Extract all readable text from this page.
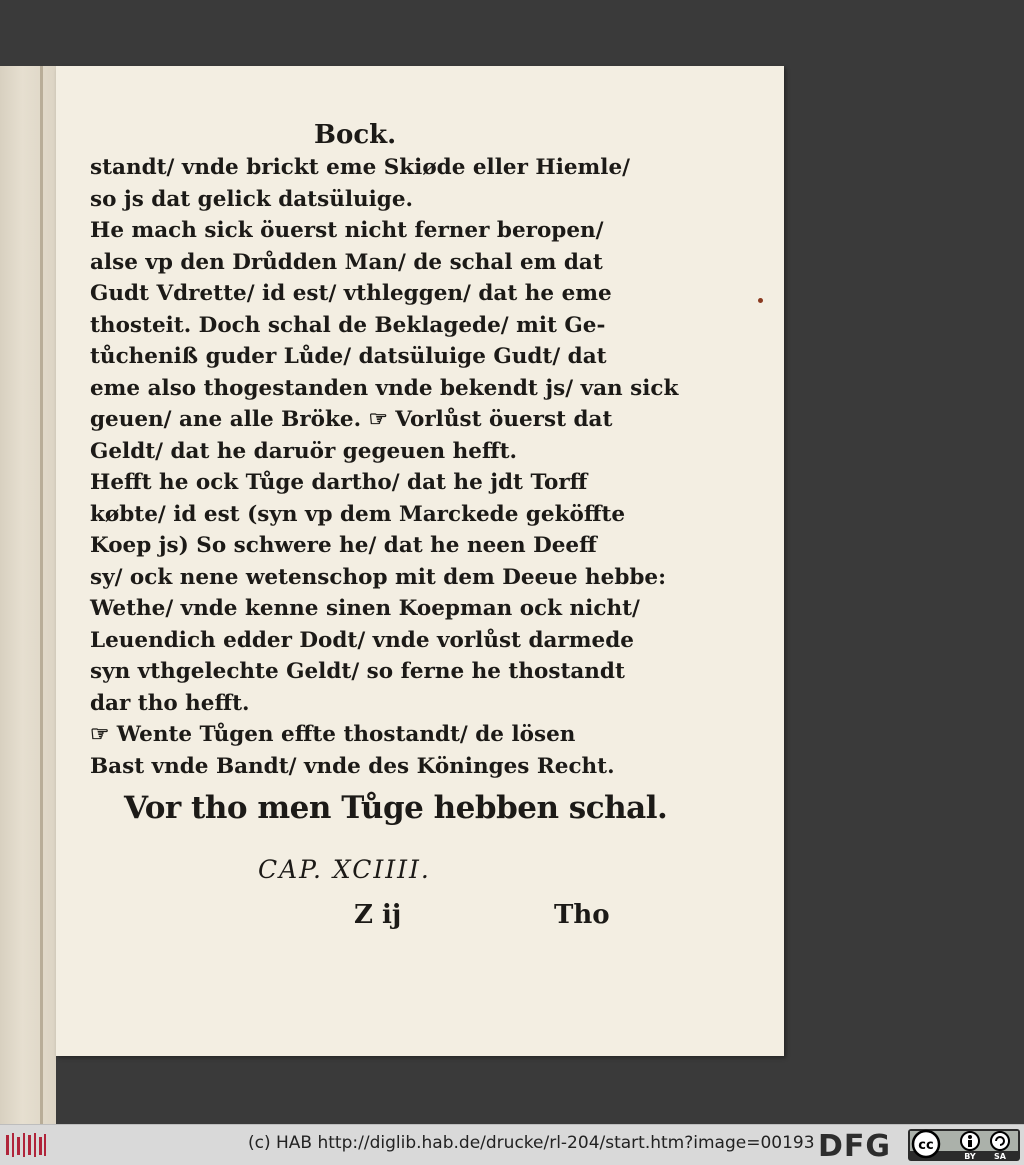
Bock.
standt/ vnde brickt eme Skiøde eller Hiemle/
so js dat gelick datsüluige.
He mach sick öuerst nicht ferner beropen/
alse vp den Drůdden Man/ de schal em dat
Gudt Vdrette/ id est/ vthleggen/ dat he eme
thosteit. Doch schal de Beklagede/ mit Ge-
tůcheniß guder Lůde/ datsüluige Gudt/ dat
eme also thogestanden vnde bekendt js/ van sick
geuen/ ane alle Bröke. ☞ Vorlůst öuerst dat
Geldt/ dat he daruör gegeuen hefft.
Hefft he ock Tůge dartho/ dat he jdt Torff
købte/ id est (syn vp dem Marckede geköffte
Koep js) So schwere he/ dat he neen Deeff
sy/ ock nene wetenschop mit dem Deeue hebbe:
Wethe/ vnde kenne sinen Koepman ock nicht/
Leuendich edder Dodt/ vnde vorlůst darmede
syn vthgelechte Geldt/ so ferne he thostandt
dar tho hefft.
☞ Wente Tůgen effte thostandt/ de lösen
Bast vnde Bandt/ vnde des Köninges Recht.
Vor tho men Tůge hebben schal.
CAP. XCIIII.
Z ij	Tho
(c) HAB http://diglib.hab.de/drucke/rl-204/start.htm?image=00193 DFG cc
BY SA
